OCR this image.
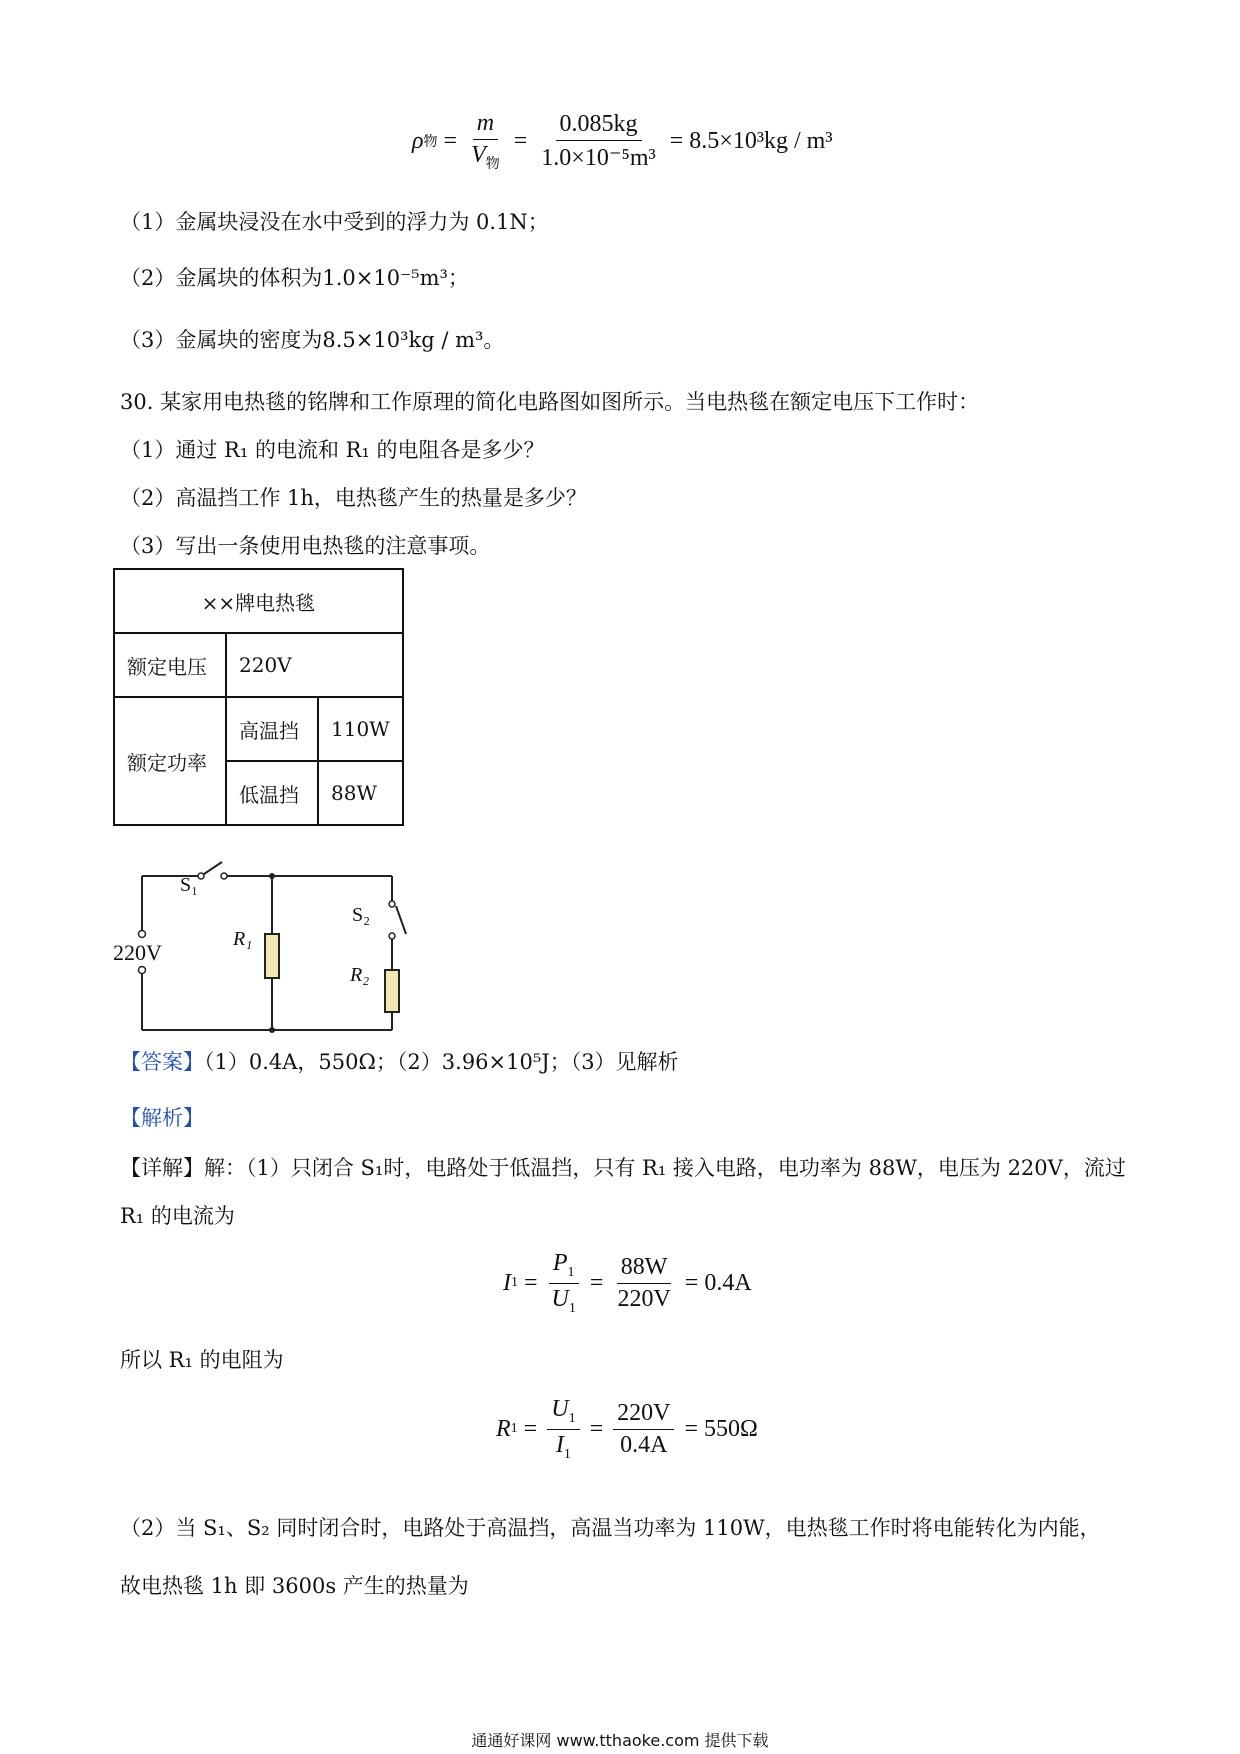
ρ 物 = $\frac{m}{V_物} = \frac{0.085kg}{\text{1.0×10⁻⁵m³}} = 8.5\times 10^3kg / m^3$
（1）金属块浸没在水中受到的浮力为 0.1N；
（2）金属块的体积为1.0×10⁻⁵m³；
（3）金属块的密度为8.5×10³kg / m³。
30. 某家用电热毯的铭牌和工作原理的简化电路图如图所示。当电热毯在额定电压下工作时：
（1）通过 R₁ 的电流和 R₁ 的电阻各是多少？
（2）高温挡工作 1h，电热毯产生的热量是多少？
（3）写出一条使用电热毯的注意事项。
××牌电热毯		
额定电压	220V	
额定功率	高温挡	110W
	低温挡	88W
220V
S₁
S₂
R₁
R₂
【答案】（1）0.4A，550Ω；（2）3.96×10⁵J；（3）见解析
【解析】
【详解】解：（1）只闭合 S₁时，电路处于低温挡，只有 R₁ 接入电路，电功率为 88W，电压为 220V，流过
R₁ 的电流为
I $1 = \frac{P_1}{U_1} = \frac{88W}{220V} = 0.4A$
所以 R₁ 的电阻为
R $1 = \frac{U_1}{I_1} = \frac{220V}{0.4A} = 550\Omega$
（2）当 S₁、S₂ 同时闭合时，电路处于高温挡，高温当功率为 110W，电热毯工作时将电能转化为内能，
故电热毯 1h 即 3600s 产生的热量为
通通好课网 www.tthaoke.com 提供下载
